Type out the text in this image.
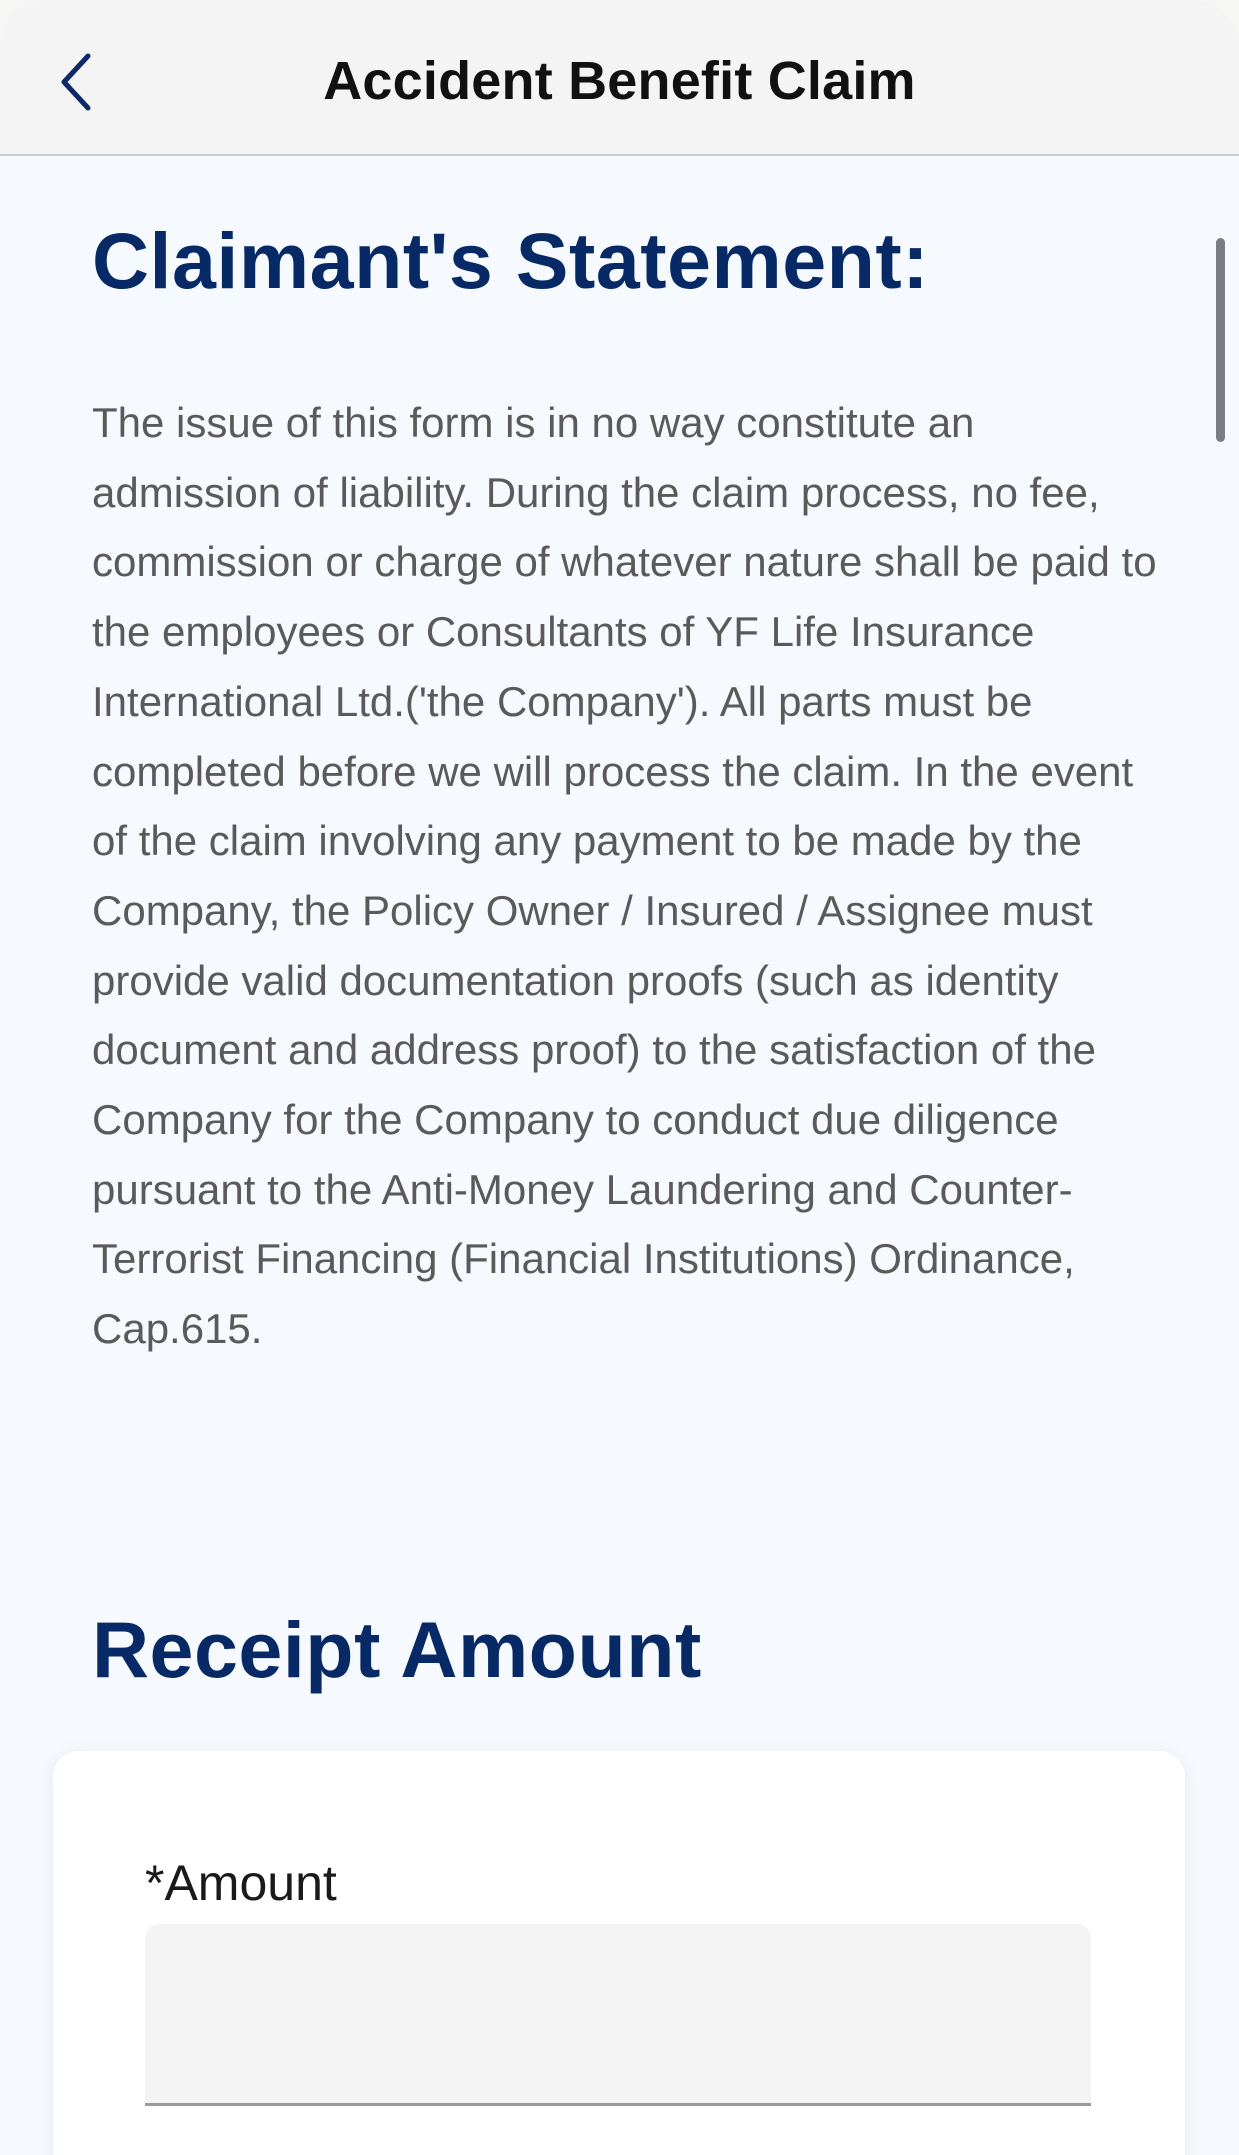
Accident Benefit Claim
Claimant's Statement:

The issue of this form is in no way constitute an admission of liability. During the claim process, no fee, commission or charge of whatever nature shall be paid to the employees or Consultants of YF Life Insurance International Ltd.('the Company'). All parts must be completed before we will process the claim. In the event of the claim involving any payment to be made by the Company, the Policy Owner / Insured / Assignee must provide valid documentation proofs (such as identity document and address proof) to the satisfaction of the Company for the Company to conduct due diligence pursuant to the Anti-Money Laundering and Counter-Terrorist Financing (Financial Institutions) Ordinance, Cap.615.

Receipt Amount
*Amount
